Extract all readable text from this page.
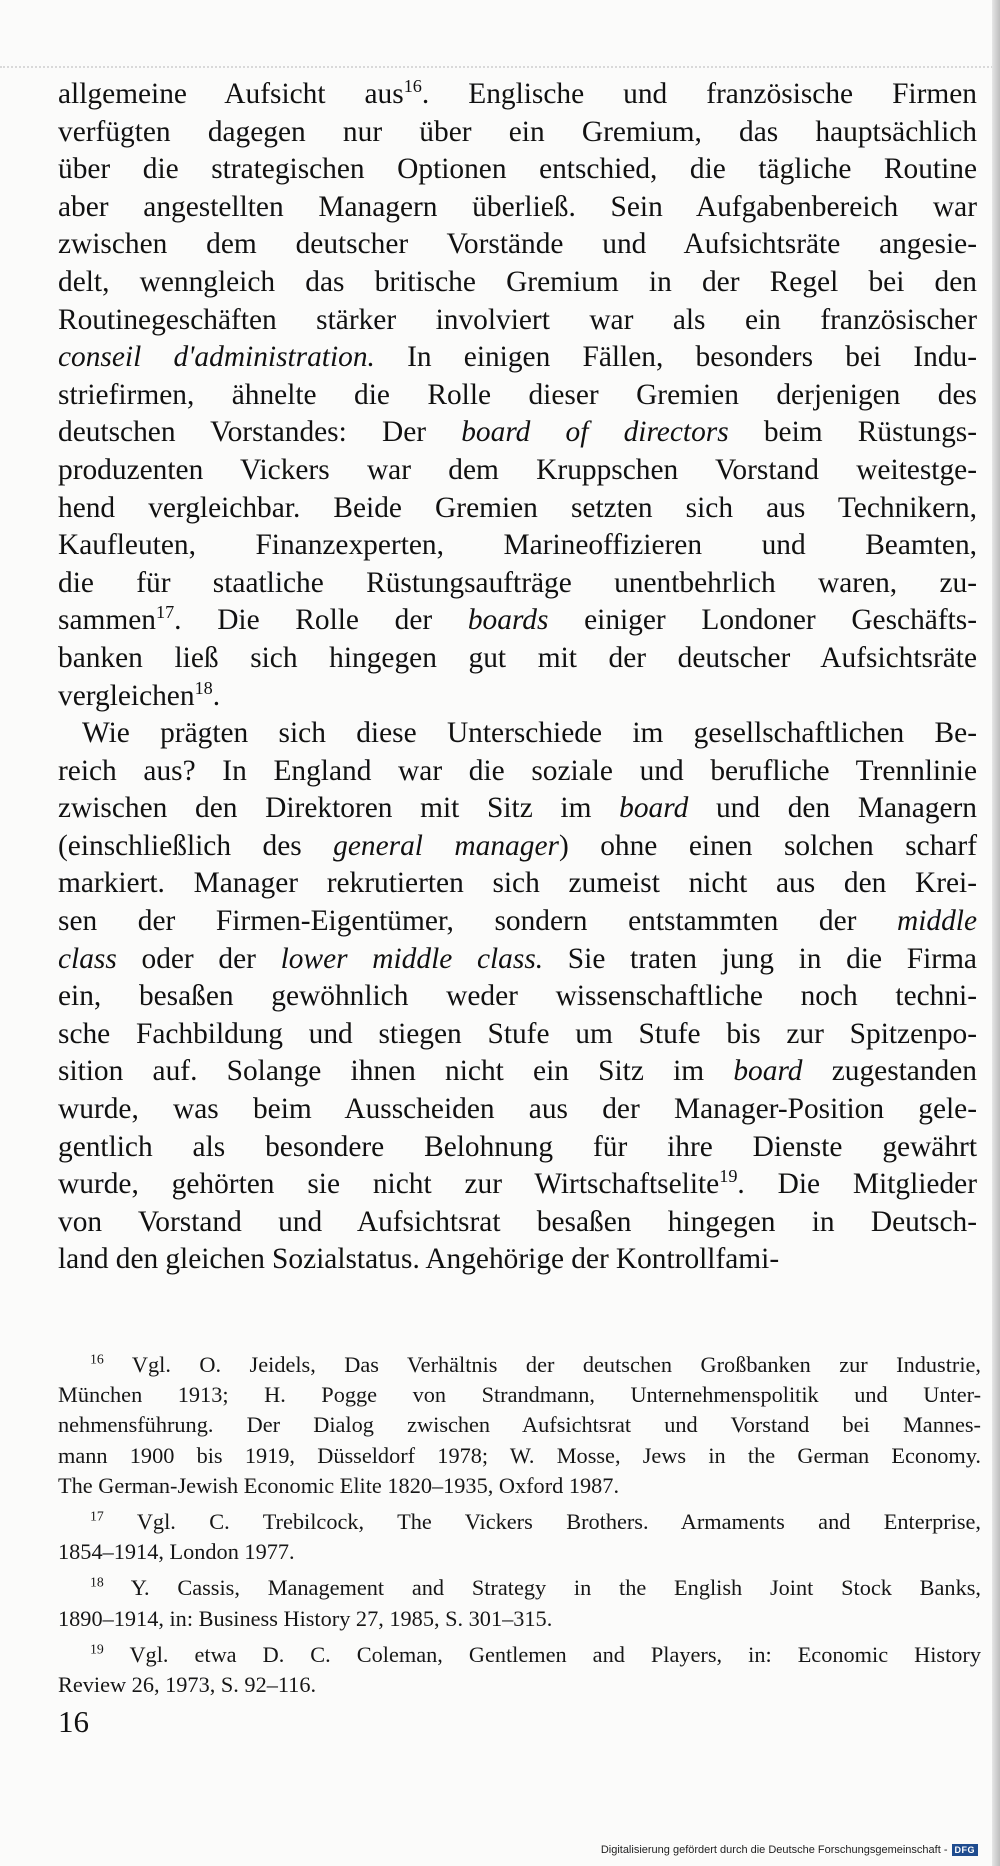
allgemeine Aufsicht aus$^{16}$. Englische und französische Firmen
verfügten dagegen nur über ein Gremium, das hauptsächlich
über die strategischen Optionen entschied, die tägliche Routine
aber angestellten Managern überließ. Sein Aufgabenbereich war
zwischen dem deutscher Vorstände und Aufsichtsräte angesie-
delt, wenngleich das britische Gremium in der Regel bei den
Routinegeschäften stärker involviert war als ein französischer
conseil d'administration. In einigen Fällen, besonders bei Indu-
striefirmen, ähnelte die Rolle dieser Gremien derjenigen des
deutschen Vorstandes: Der board of directors beim Rüstungs-
produzenten Vickers war dem Kruppschen Vorstand weitestge-
hend vergleichbar. Beide Gremien setzten sich aus Technikern,
Kaufleuten, Finanzexperten, Marineoffizieren und Beamten,
die für staatliche Rüstungsaufträge unentbehrlich waren, zu-
sammen$^{17}$. Die Rolle der boards einiger Londoner Geschäfts-
banken ließ sich hingegen gut mit der deutscher Aufsichtsräte
vergleichen$^{18}$.
Wie prägten sich diese Unterschiede im gesellschaftlichen Be-
reich aus? In England war die soziale und berufliche Trennlinie
zwischen den Direktoren mit Sitz im board und den Managern
(einschließlich des general manager) ohne einen solchen scharf
markiert. Manager rekrutierten sich zumeist nicht aus den Krei-
sen der Firmen-Eigentümer, sondern entstammten der middle
class oder der lower middle class. Sie traten jung in die Firma
ein, besaßen gewöhnlich weder wissenschaftliche noch techni-
sche Fachbildung und stiegen Stufe um Stufe bis zur Spitzenpo-
sition auf. Solange ihnen nicht ein Sitz im board zugestanden
wurde, was beim Ausscheiden aus der Manager-Position gele-
gentlich als besondere Belohnung für ihre Dienste gewährt
wurde, gehörten sie nicht zur Wirtschaftselite$^{19}$. Die Mitglieder
von Vorstand und Aufsichtsrat besaßen hingegen in Deutsch-
land den gleichen Sozialstatus. Angehörige der Kontrollfami-
$^{16}$ Vgl. O. Jeidels, Das Verhältnis der deutschen Großbanken zur Industrie,
München 1913; H. Pogge von Strandmann, Unternehmenspolitik und Unter-
nehmensführung. Der Dialog zwischen Aufsichtsrat und Vorstand bei Mannes-
mann 1900 bis 1919, Düsseldorf 1978; W. Mosse, Jews in the German Economy.
The German-Jewish Economic Elite 1820–1935, Oxford 1987.
$^{17}$ Vgl. C. Trebilcock, The Vickers Brothers. Armaments and Enterprise,
1854–1914, London 1977.
$^{18}$ Y. Cassis, Management and Strategy in the English Joint Stock Banks,
1890–1914, in: Business History 27, 1985, S. 301–315.
$^{19}$ Vgl. etwa D. C. Coleman, Gentlemen and Players, in: Economic History
Review 26, 1973, S. 92–116.
16
Digitalisierung gefördert durch die Deutsche Forschungsgemeinschaft - DFG
